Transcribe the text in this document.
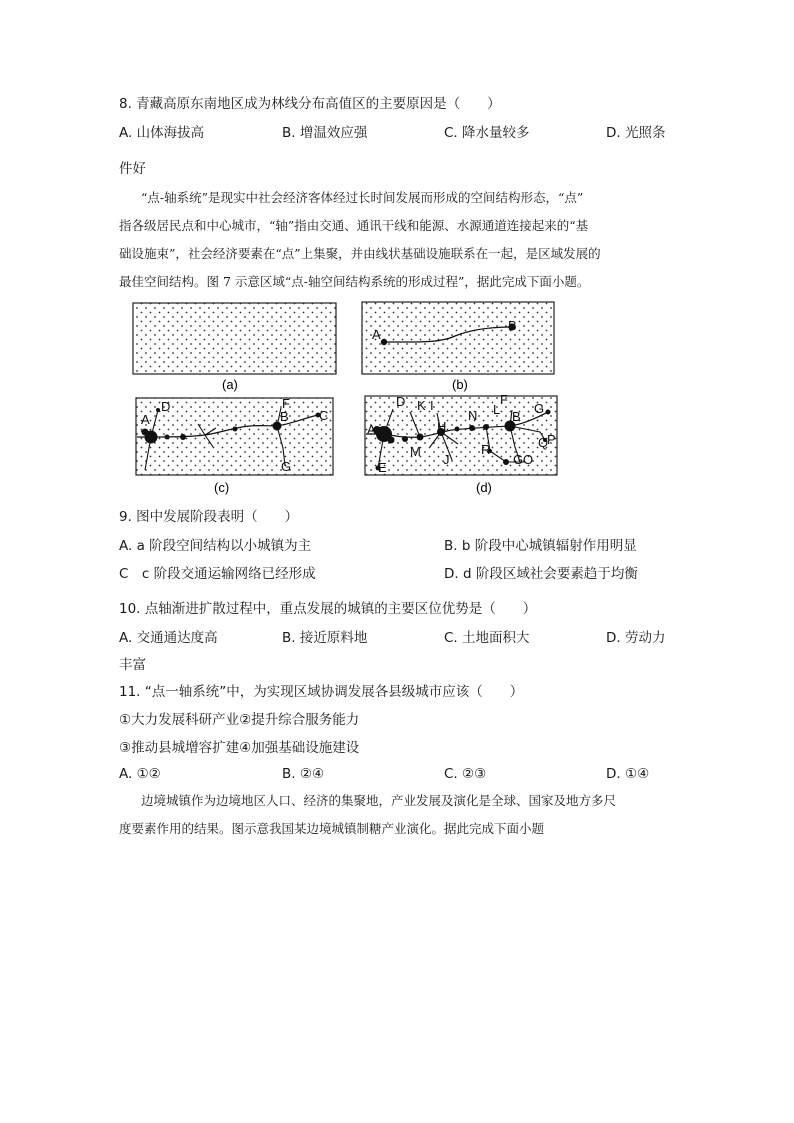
8. 青藏高原东南地区成为林线分布高值区的主要原因是（　　）
A. 山体海拔高	B. 增温效应强	C. 降水量较多	D. 光照条
件好
“点-轴系统”是现实中社会经济客体经过长时间发展而形成的空间结构形态，“点”
指各级居民点和中心城市，“轴”指由交通、通讯干线和能源、水源通道连接起来的“基
础设施束”，社会经济要素在“点”上集聚，并由线状基础设施联系在一起，是区域发展的
最佳空间结构。图 7 示意区域“点-轴空间结构系统的形成过程”，据此完成下面小题。
(a)
A
B
(b)
A
D	F
B C
G
(c)
D K I	F
L
N	B
G
A	H
M
J
R	Q
P
G O
E
(d)
9. 图中发展阶段表明（　　）
A. a 阶段空间结构以小城镇为主	B. b 阶段中心城镇辐射作用明显
C　c 阶段交通运输网络已经形成	D. d 阶段区域社会要素趋于均衡
10. 点轴渐进扩散过程中，重点发展的城镇的主要区位优势是（　　）
A. 交通通达度高	B. 接近原料地	C. 土地面积大	D. 劳动力
丰富
11. “点一轴系统”中，为实现区域协调发展各县级城市应该（　　）
①大力发展科研产业②提升综合服务能力
③推动县城增容扩建④加强基础设施建设
A. ①②	B. ②④	C. ②③	D. ①④
边境城镇作为边境地区人口、经济的集聚地，产业发展及演化是全球、国家及地方多尺
度要素作用的结果。图示意我国某边境城镇制糖产业演化。据此完成下面小题
